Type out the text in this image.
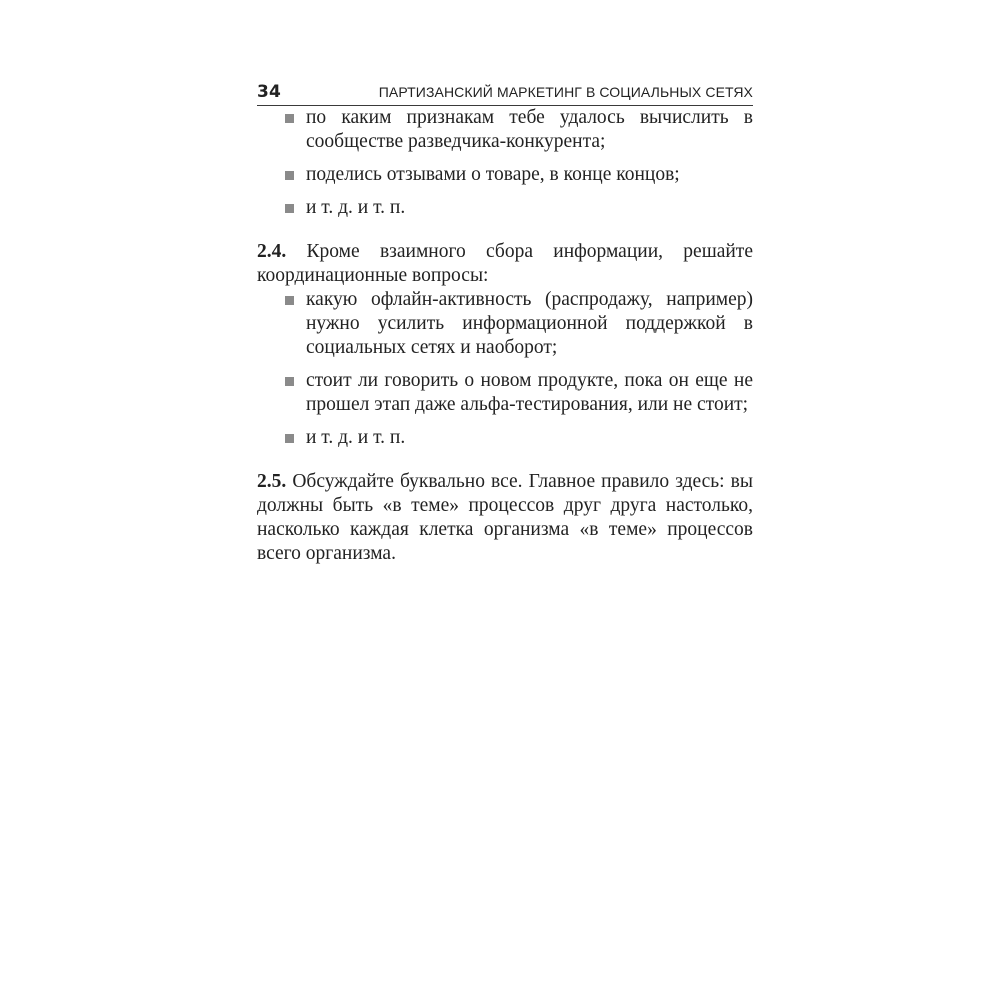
34	ПАРТИЗАНСКИЙ МАРКЕТИНГ В СОЦИАЛЬНЫХ СЕТЯХ
по каким признакам тебе удалось вычислить в сообществе разведчика-конкурента;
поделись отзывами о товаре, в конце концов;
и т. д. и т. п.

2.4. Кроме взаимного сбора информации, решайте координационные вопросы:

какую офлайн-активность (распродажу, например) нужно усилить информационной поддержкой в социальных сетях и наоборот;
стоит ли говорить о новом продукте, пока он еще не прошел этап даже альфа-тестирования, или не стоит;
и т. д. и т. п.

2.5. Обсуждайте буквально все. Главное правило здесь: вы должны быть «в теме» процессов друг друга настолько, насколько каждая клетка организма «в теме» процессов всего организма.
